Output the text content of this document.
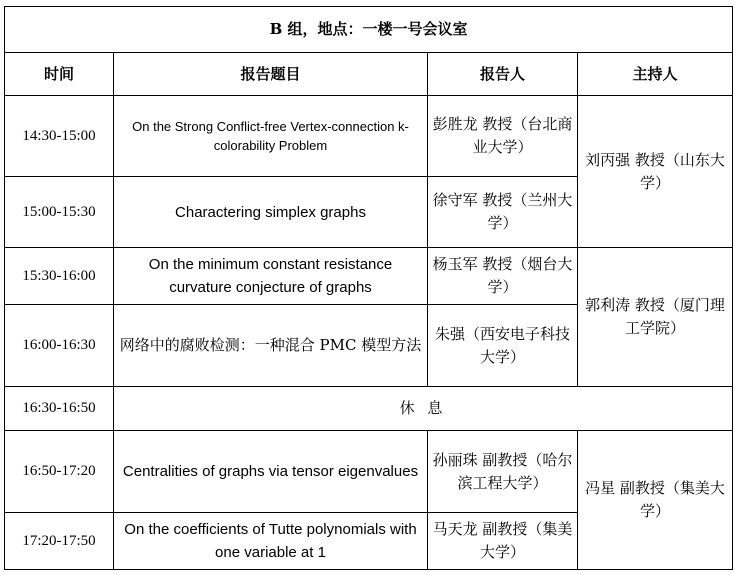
B 组，地点：一楼一号会议室			
时间	报告题目	报告人	主持人
14:30-15:00	On the Strong Conflict-free Vertex-connection k-colorability Problem	彭胜龙 教授（台北商业大学）	刘丙强 教授（山东大学）
15:00-15:30	Charactering simplex graphs	徐守军 教授（兰州大学）	
15:30-16:00	On the minimum constant resistance curvature conjecture of graphs	杨玉军 教授（烟台大学）	郭利涛 教授（厦门理工学院）
16:00-16:30	网络中的腐败检测：一种混合 PMC 模型方法	朱强（西安电子科技大学）	
16:30-16:50	休 息		
16:50-17:20	Centralities of graphs via tensor eigenvalues	孙丽珠 副教授（哈尔滨工程大学）	冯星 副教授（集美大学）
17:20-17:50	On the coefficients of Tutte polynomials with one variable at 1	马天龙 副教授（集美大学）	
